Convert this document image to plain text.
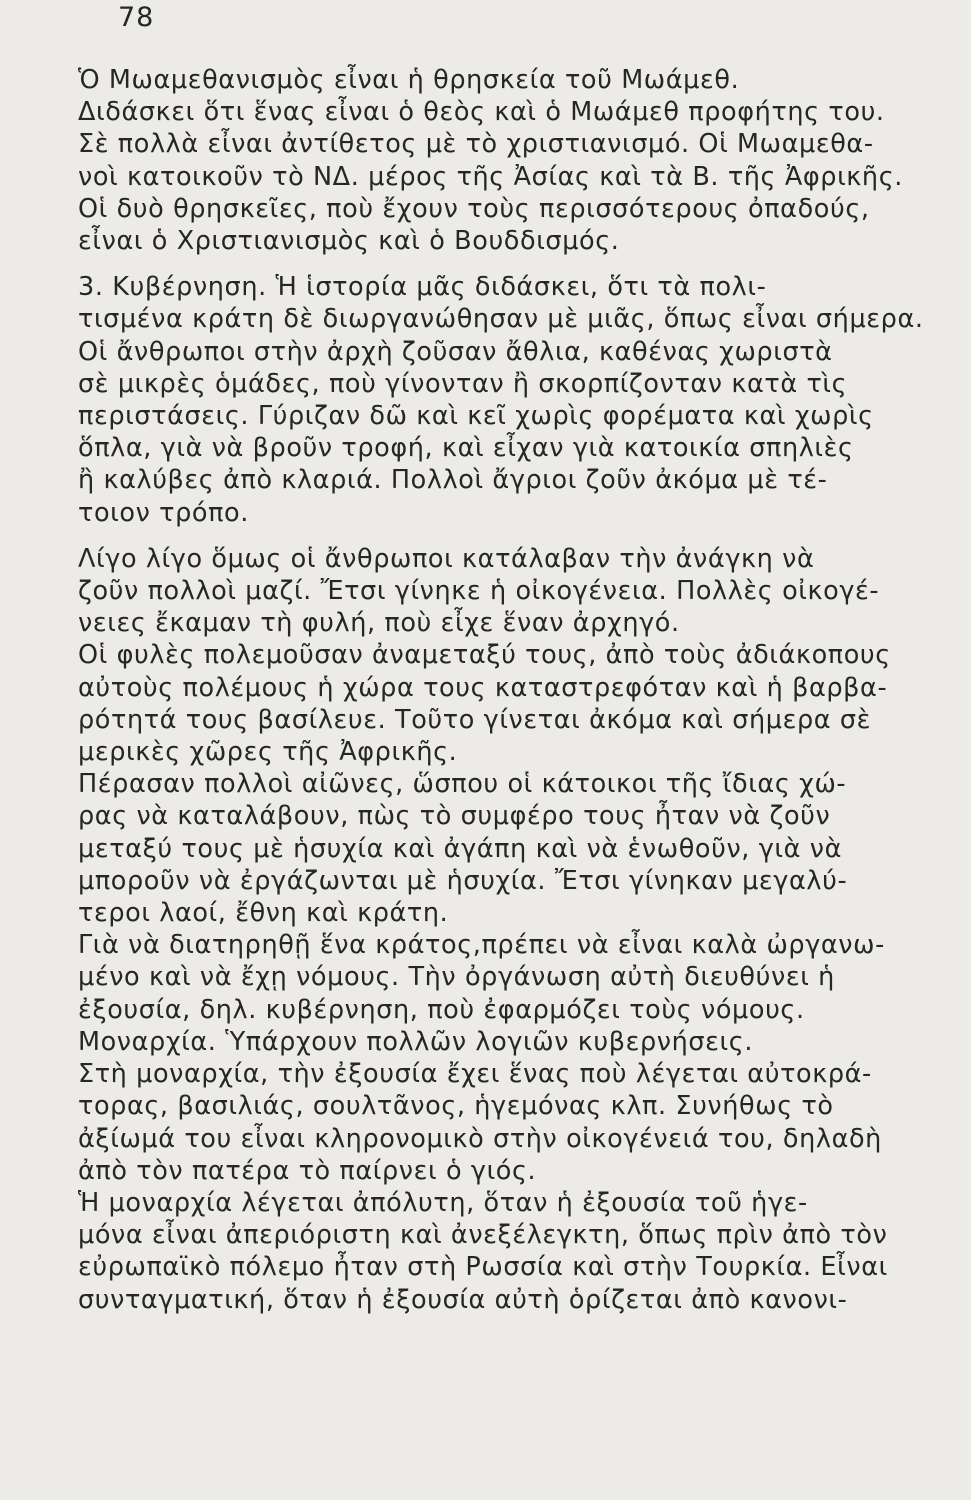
78
Ὁ Μωαμεθανισμὸς εἶναι ἡ θρησκεία τοῦ Μωάμεθ.
Διδάσκει ὅτι ἕνας εἶναι ὁ θεὸς καὶ ὁ Μωάμεθ προφήτης του.
Σὲ πολλὰ εἶναι ἀντίθετος μὲ τὸ χριστιανισμό. Οἱ Μωαμεθα-
νοὶ κατοικοῦν τὸ ΝΔ. μέρος τῆς Ἀσίας καὶ τὰ Β. τῆς Ἀφρικῆς.
Οἱ δυὸ θρησκεῖες, ποὺ ἔχουν τοὺς περισσότερους ὀπαδούς,
εἶναι ὁ Χριστιανισμὸς καὶ ὁ Βουδδισμός.
3. Κυβέρνηση. Ἡ ἱστορία μᾶς διδάσκει, ὅτι τὰ πολι-
τισμένα κράτη δὲ διωργανώθησαν μὲ μιᾶς, ὅπως εἶναι σήμερα.
Οἱ ἄνθρωποι στὴν ἀρχὴ ζοῦσαν ἄθλια, καθένας χωριστὰ
σὲ μικρὲς ὁμάδες, ποὺ γίνονταν ἢ σκορπίζονταν κατὰ τὶς
περιστάσεις. Γύριζαν δῶ καὶ κεῖ χωρὶς φορέματα καὶ χωρὶς
ὅπλα, γιὰ νὰ βροῦν τροφή, καὶ εἶχαν γιὰ κατοικία σπηλιὲς
ἢ καλύβες ἀπὸ κλαριά. Πολλοὶ ἄγριοι ζοῦν ἀκόμα μὲ τέ-
τοιον τρόπο.
Λίγο λίγο ὅμως οἱ ἄνθρωποι κατάλαβαν τὴν ἀνάγκη νὰ
ζοῦν πολλοὶ μαζί. Ἔτσι γίνηκε ἡ οἰκογένεια. Πολλὲς οἰκογέ-
νειες ἔκαμαν τὴ φυλή, ποὺ εἶχε ἕναν ἀρχηγό.
Οἱ φυλὲς πολεμοῦσαν ἀναμεταξύ τους, ἀπὸ τοὺς ἀδιάκοπους
αὐτοὺς πολέμους ἡ χώρα τους καταστρεφόταν καὶ ἡ βαρβα-
ρότητά τους βασίλευε. Τοῦτο γίνεται ἀκόμα καὶ σήμερα σὲ
μερικὲς χῶρες τῆς Ἀφρικῆς.
Πέρασαν πολλοὶ αἰῶνες, ὥσπου οἱ κάτοικοι τῆς ἴδιας χώ-
ρας νὰ καταλάβουν, πὼς τὸ συμφέρο τους ἦταν νὰ ζοῦν
μεταξύ τους μὲ ἡσυχία καὶ ἀγάπη καὶ νὰ ἑνωθοῦν, γιὰ νὰ
μποροῦν νὰ ἐργάζωνται μὲ ἡσυχία. Ἔτσι γίνηκαν μεγαλύ-
τεροι λαοί, ἔθνη καὶ κράτη.
Γιὰ νὰ διατηρηθῇ ἕνα κράτος,πρέπει νὰ εἶναι καλὰ ὠργανω-
μένο καὶ νὰ ἔχῃ νόμους. Τὴν ὀργάνωση αὐτὴ διευθύνει ἡ
ἐξουσία, δηλ. κυβέρνηση, ποὺ ἐφαρμόζει τοὺς νόμους.
Μοναρχία. Ὑπάρχουν πολλῶν λογιῶν κυβερνήσεις.
Στὴ μοναρχία, τὴν ἐξουσία ἔχει ἕνας ποὺ λέγεται αὐτοκρά-
τορας, βασιλιάς, σουλτᾶνος, ἡγεμόνας κλπ. Συνήθως τὸ
ἀξίωμά του εἶναι κληρονομικὸ στὴν οἰκογένειά του, δηλαδὴ
ἀπὸ τὸν πατέρα τὸ παίρνει ὁ γιός.
Ἡ μοναρχία λέγεται ἀπόλυτη, ὅταν ἡ ἐξουσία τοῦ ἡγε-
μόνα εἶναι ἀπεριόριστη καὶ ἀνεξέλεγκτη, ὅπως πρὶν ἀπὸ τὸν
εὐρωπαϊκὸ πόλεμο ἦταν στὴ Ρωσσία καὶ στὴν Τουρκία. Εἶναι
συνταγματική, ὅταν ἡ ἐξουσία αὐτὴ ὁρίζεται ἀπὸ κανονι-
